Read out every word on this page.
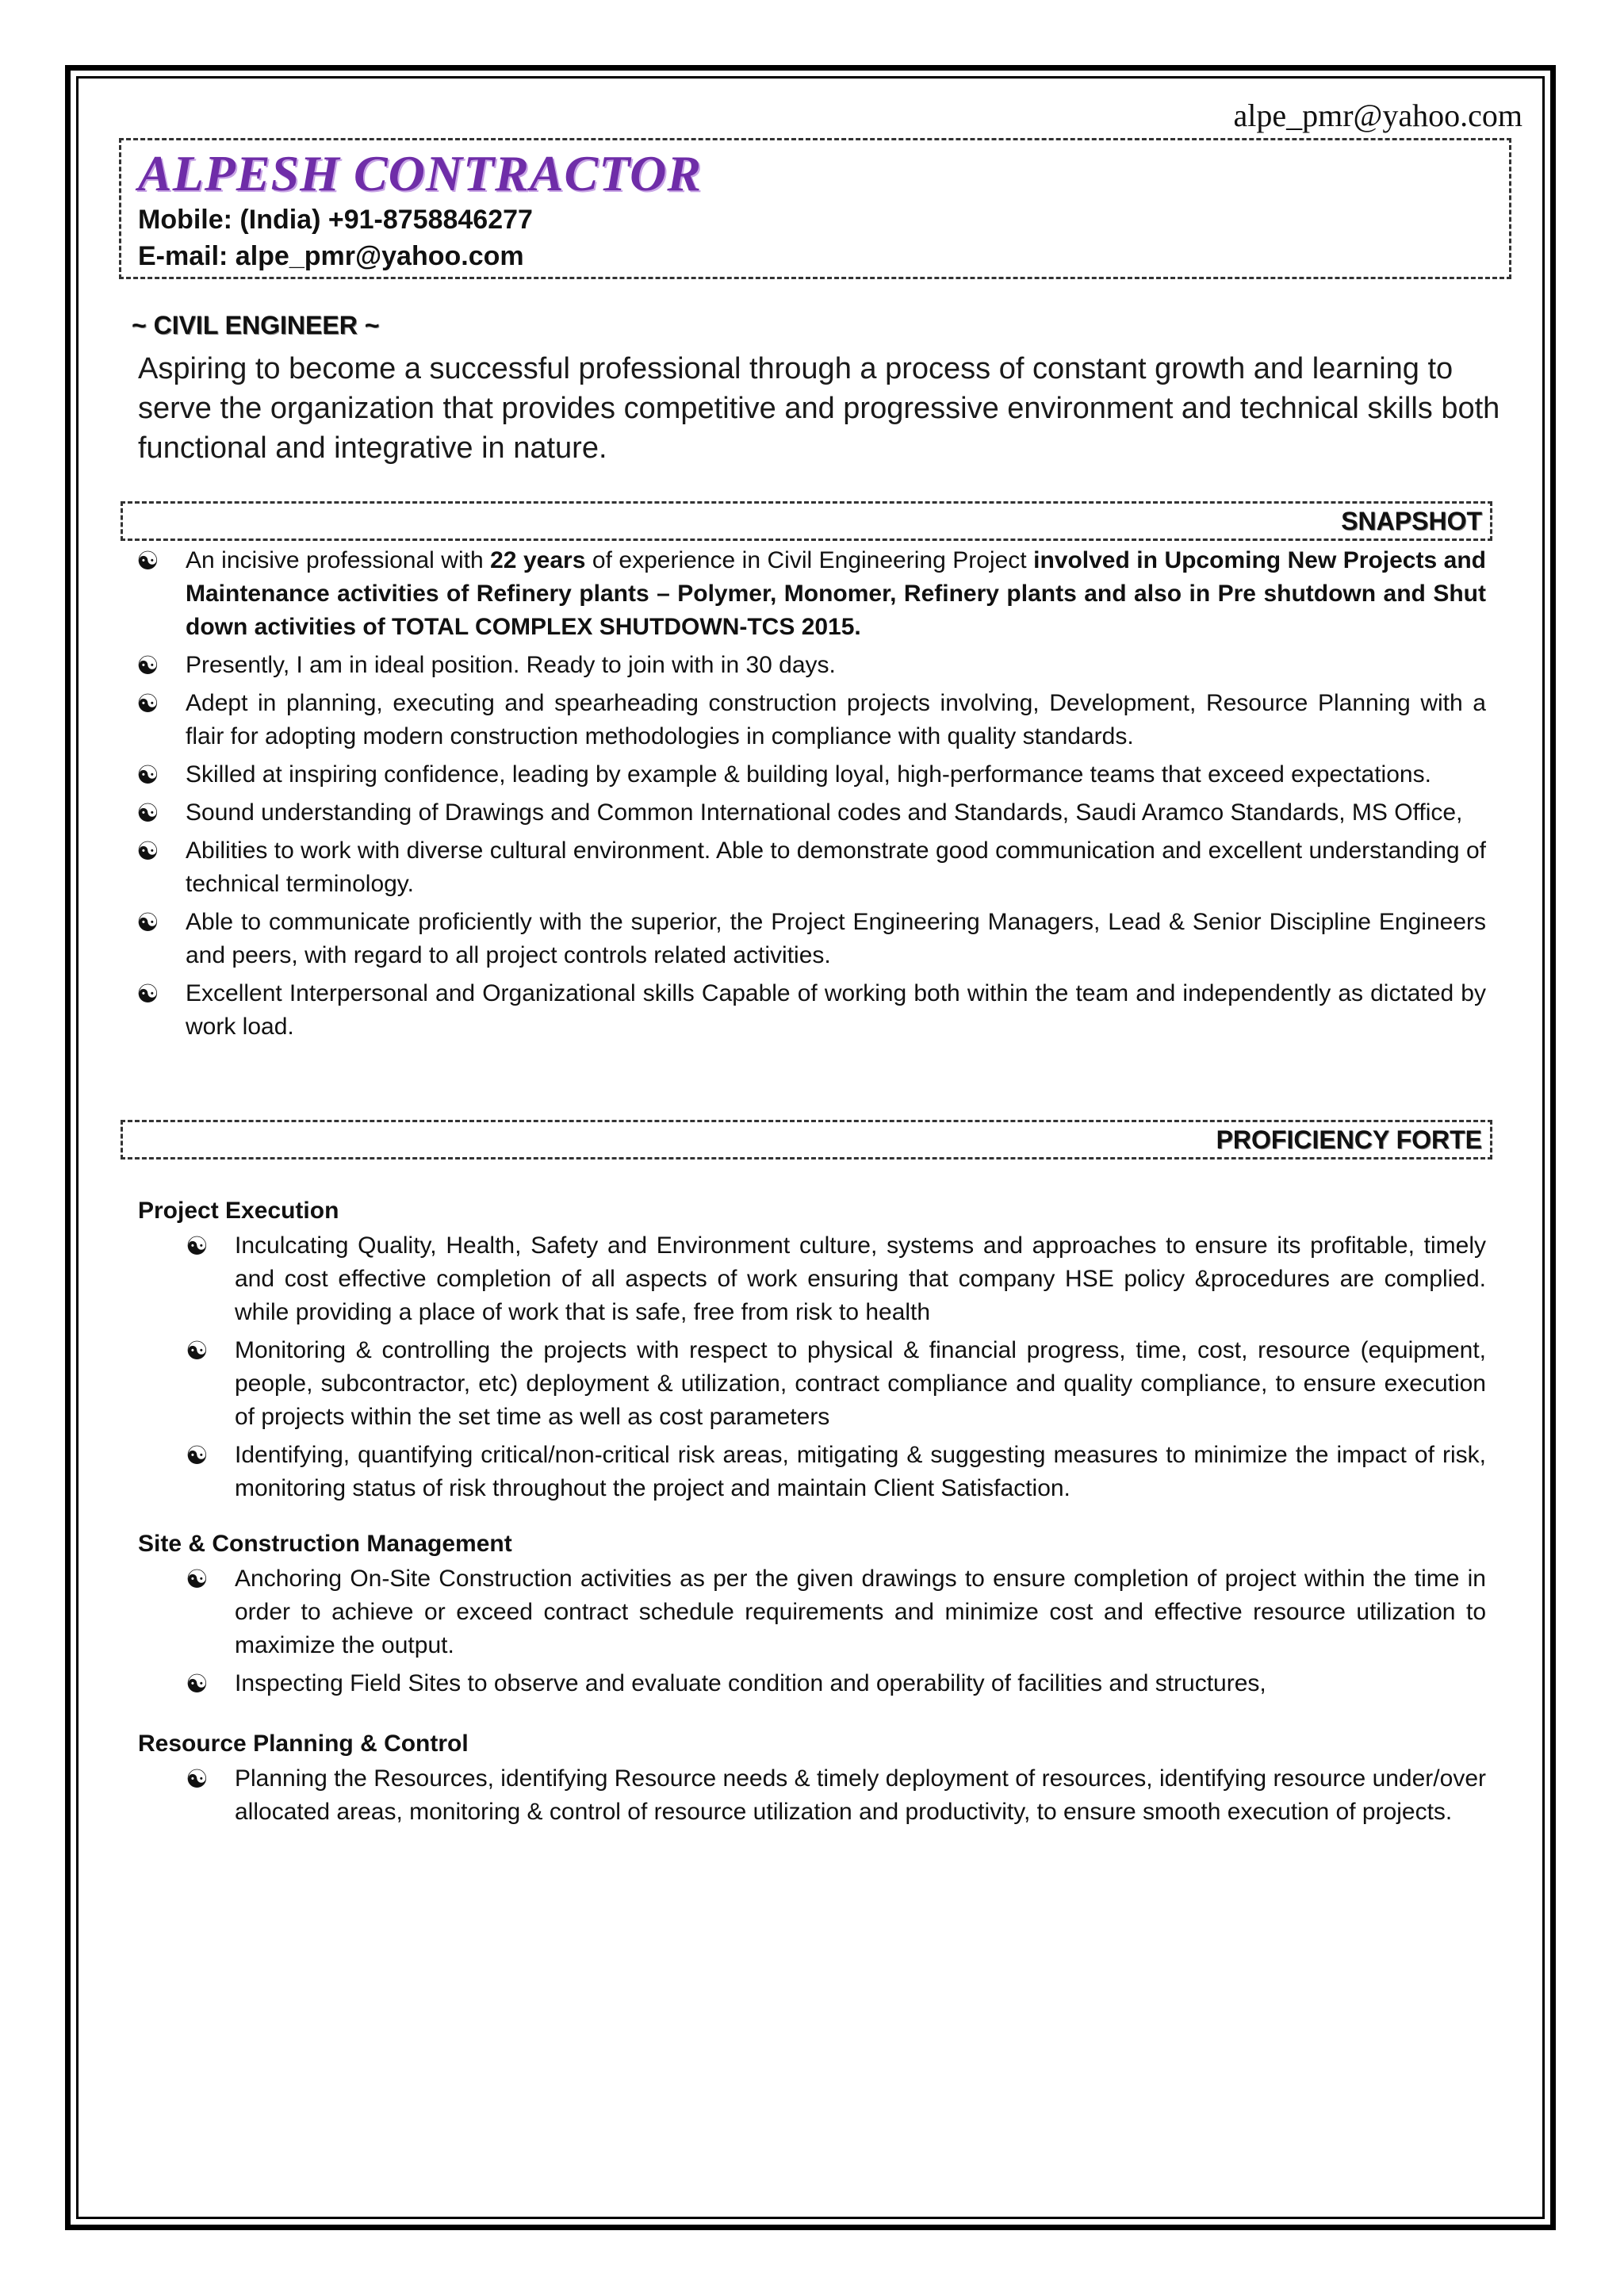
alpe_pmr@yahoo.com
ALPESH CONTRACTOR
Mobile: (India) +91-8758846277
E-mail: alpe_pmr@yahoo.com
~ CIVIL ENGINEER ~
Aspiring to become a successful professional through a process of constant growth and learning to serve the organization that provides competitive and progressive environment and technical skills both functional and integrative in nature.
SNAPSHOT
☯ An incisive professional with 22 years of experience in Civil Engineering Project involved in Upcoming New Projects and Maintenance activities of Refinery plants – Polymer, Monomer, Refinery plants and also in Pre shutdown and Shut down activities of TOTAL COMPLEX SHUTDOWN-TCS 2015.
☯ Presently, I am in ideal position. Ready to join with in 30 days.
☯ Adept in planning, executing and spearheading construction projects involving, Development, Resource Planning with a flair for adopting modern construction methodologies in compliance with quality standards.
☯ Skilled at inspiring confidence, leading by example & building loyal, high-performance teams that exceed expectations.
☯ Sound understanding of Drawings and Common International codes and Standards, Saudi Aramco Standards, MS Office,
☯ Abilities to work with diverse cultural environment. Able to demonstrate good communication and excellent understanding of technical terminology.
☯ Able to communicate proficiently with the superior, the Project Engineering Managers, Lead & Senior Discipline Engineers and peers, with regard to all project controls related activities.
☯ Excellent Interpersonal and Organizational skills Capable of working both within the team and independently as dictated by work load.
PROFICIENCY FORTE
Project Execution
☯ Inculcating Quality, Health, Safety and Environment culture, systems and approaches to ensure its profitable, timely and cost effective completion of all aspects of work ensuring that company HSE policy &procedures are complied. while providing a place of work that is safe, free from risk to health
☯ Monitoring & controlling the projects with respect to physical & financial progress, time, cost, resource (equipment, people, subcontractor, etc) deployment & utilization, contract compliance and quality compliance, to ensure execution of projects within the set time as well as cost parameters
☯ Identifying, quantifying critical/non-critical risk areas, mitigating & suggesting measures to minimize the impact of risk, monitoring status of risk throughout the project and maintain Client Satisfaction.
Site & Construction Management
☯ Anchoring On-Site Construction activities as per the given drawings to ensure completion of project within the time in order to achieve or exceed contract schedule requirements and minimize cost and effective resource utilization to maximize the output.
☯ Inspecting Field Sites to observe and evaluate condition and operability of facilities and structures,
Resource Planning & Control
☯ Planning the Resources, identifying Resource needs & timely deployment of resources, identifying resource under/over allocated areas, monitoring & control of resource utilization and productivity, to ensure smooth execution of projects.
